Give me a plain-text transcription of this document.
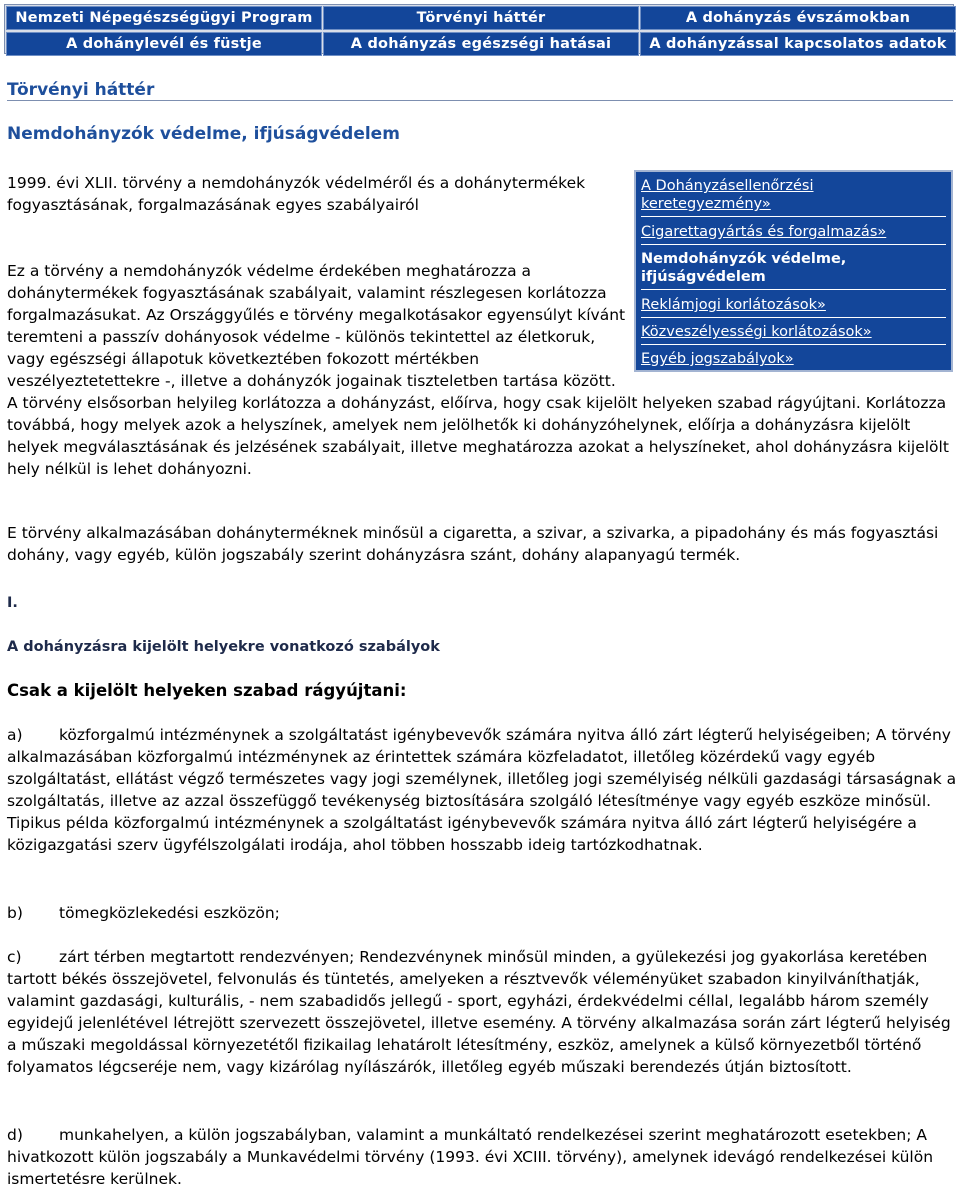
Nemzeti Népegészségügyi Program	Törvényi háttér	A dohányzás évszámokban
A dohánylevél és füstje	A dohányzás egészségi hatásai	A dohányzással kapcsolatos adatok
Törvényi háttér
Nemdohányzók védelme, ifjúságvédelem
A Dohányzásellenőrzési keretegyezmény»
Cigarettagyártás és forgalmazás»
Nemdohányzók védelme, ifjúságvédelem
Reklámjogi korlátozások»
Közveszélyességi korlátozások»
Egyéb jogszabályok»

1999. évi XLII. törvény a nemdohányzók védelméről és a dohánytermékek fogyasztásának, forgalmazásának egyes szabályairól

Ez a törvény a nemdohányzók védelme érdekében meghatározza a dohánytermékek fogyasztásának szabályait, valamint részlegesen korlátozza forgalmazásukat. Az Országgyűlés e törvény megalkotásakor egyensúlyt kívánt teremteni a passzív dohányosok védelme - különös tekintettel az életkoruk, vagy egészségi állapotuk következtében fokozott mértékben veszélyeztetettekre -, illetve a dohányzók jogainak tiszteletben tartása között. A törvény elsősorban helyileg korlátozza a dohányzást, előírva, hogy csak kijelölt helyeken szabad rágyújtani. Korlátozza továbbá, hogy melyek azok a helyszínek, amelyek nem jelölhetők ki dohányzóhelynek, előírja a dohányzásra kijelölt helyek megválasztásának és jelzésének szabályait, illetve meghatározza azokat a helyszíneket, ahol dohányzásra kijelölt hely nélkül is lehet dohányozni.

E törvény alkalmazásában dohányterméknek minősül a cigaretta, a szivar, a szivarka, a pipadohány és más fogyasztási dohány, vagy egyéb, külön jogszabály szerint dohányzásra szánt, dohány alapanyagú termék.

I.
A dohányzásra kijelölt helyekre vonatkozó szabályok
Csak a kijelölt helyeken szabad rágyújtani:

a) közforgalmú intézménynek a szolgáltatást igénybevevők számára nyitva álló zárt légterű helyiségeiben; A törvény alkalmazásában közforgalmú intézménynek az érintettek számára közfeladatot, illetőleg közérdekű vagy egyéb szolgáltatást, ellátást végző természetes vagy jogi személynek, illetőleg jogi személyiség nélküli gazdasági társaságnak a szolgáltatás, illetve az azzal összefüggő tevékenység biztosítására szolgáló létesítménye vagy egyéb eszköze minősül. Tipikus példa közforgalmú intézménynek a szolgáltatást igénybevevők számára nyitva álló zárt légterű helyiségére a közigazgatási szerv ügyfélszolgálati irodája, ahol többen hosszabb ideig tartózkodhatnak.

b) tömegközlekedési eszközön;

c) zárt térben megtartott rendezvényen; Rendezvénynek minősül minden, a gyülekezési jog gyakorlása keretében tartott békés összejövetel, felvonulás és tüntetés, amelyeken a résztvevők véleményüket szabadon kinyilváníthatják, valamint gazdasági, kulturális, - nem szabadidős jellegű - sport, egyházi, érdekvédelmi céllal, legalább három személy egyidejű jelenlétével létrejött szervezett összejövetel, illetve esemény. A törvény alkalmazása során zárt légterű helyiség a műszaki megoldással környezetétől fizikailag lehatárolt létesítmény, eszköz, amelynek a külső környezetből történő folyamatos légcseréje nem, vagy kizárólag nyílászárók, illetőleg egyéb műszaki berendezés útján biztosított.

d) munkahelyen, a külön jogszabályban, valamint a munkáltató rendelkezései szerint meghatározott esetekben; A hivatkozott külön jogszabály a Munkavédelmi törvény (1993. évi XCIII. törvény), amelynek idevágó rendelkezései külön ismertetésre kerülnek.
